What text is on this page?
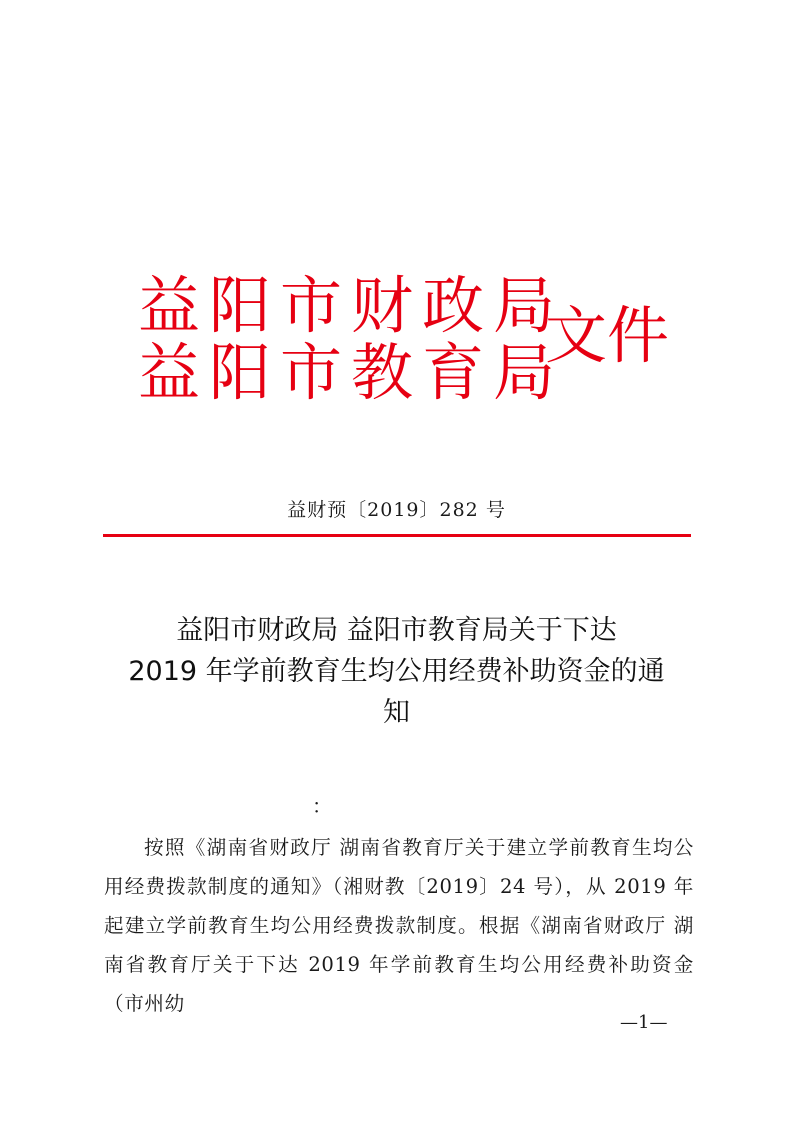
益阳市财政局
益阳市教育局
文件
益财预〔2019〕282 号
益阳市财政局 益阳市教育局关于下达
2019 年学前教育生均公用经费补助资金的通
知
：

按照《湖南省财政厅 湖南省教育厅关于建立学前教育生均公用经费拨款制度的通知》（湘财教〔2019〕24 号），从 2019 年起建立学前教育生均公用经费拨款制度。根据《湖南省财政厅 湖南省教育厅关于下达 2019 年学前教育生均公用经费补助资金（市州幼

—1—
